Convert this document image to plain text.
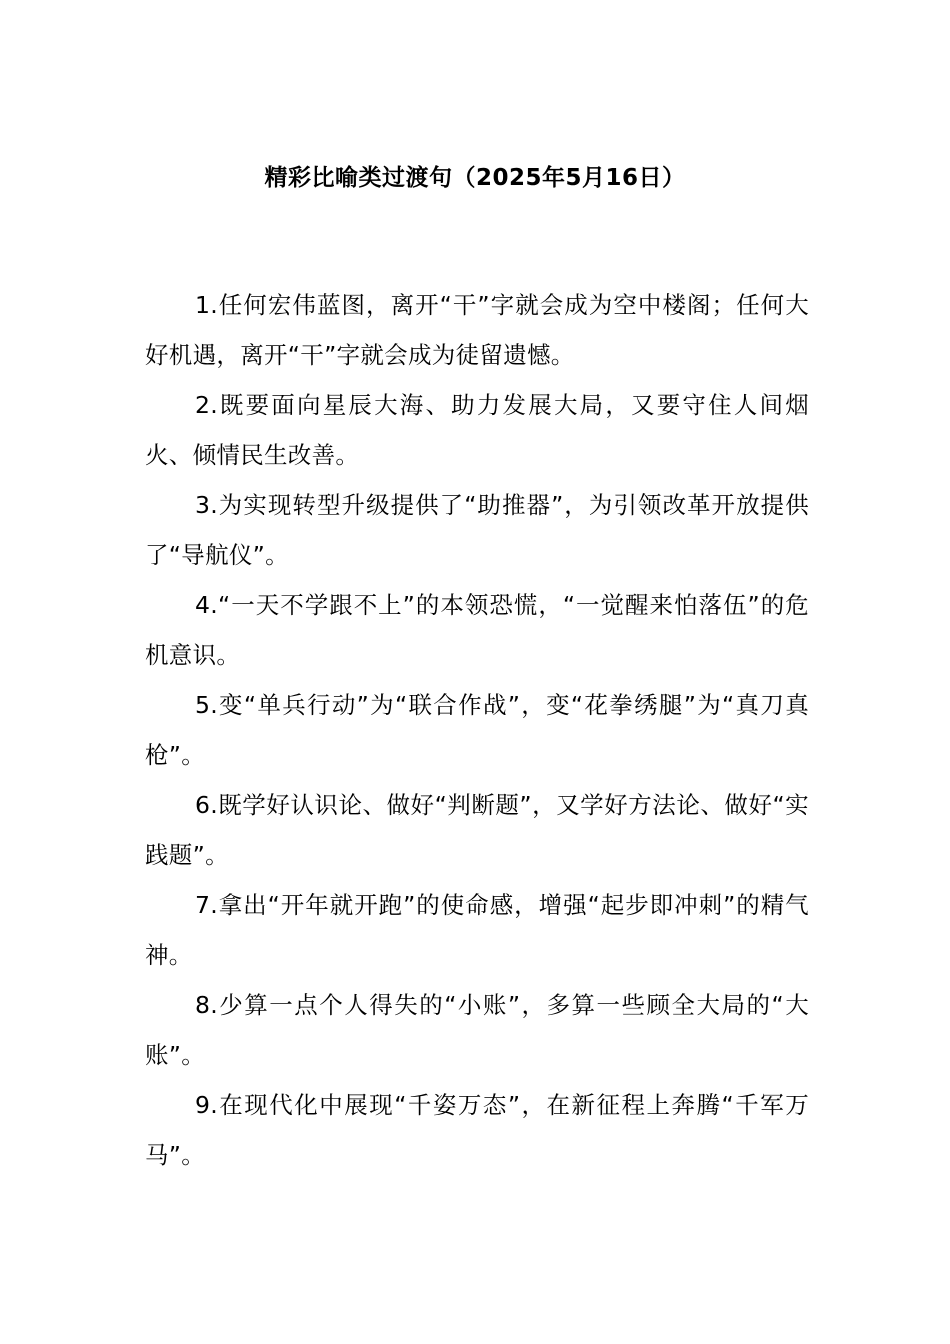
精彩比喻类过渡句（2025年5月16日）

1.任何宏伟蓝图，离开“干”字就会成为空中楼阁；任何大好机遇，离开“干”字就会成为徒留遗憾。

2.既要面向星辰大海、助力发展大局，又要守住人间烟火、倾情民生改善。

3.为实现转型升级提供了“助推器”，为引领改革开放提供了“导航仪”。

4.“一天不学跟不上”的本领恐慌，“一觉醒来怕落伍”的危机意识。

5.变“单兵行动”为“联合作战”，变“花拳绣腿”为“真刀真枪”。

6.既学好认识论、做好“判断题”，又学好方法论、做好“实践题”。

7.拿出“开年就开跑”的使命感，增强“起步即冲刺”的精气神。

8.少算一点个人得失的“小账”，多算一些顾全大局的“大账”。

9.在现代化中展现“千姿万态”，在新征程上奔腾“千军万马”。
